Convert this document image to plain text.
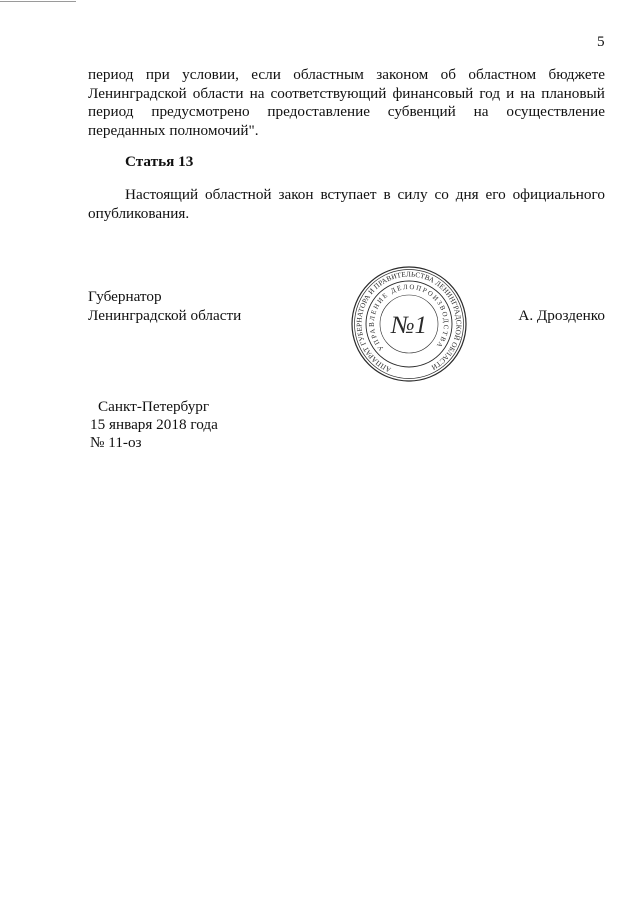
5
период при условии, если областным законом об областном бюджете
Ленинградской области на соответствующий финансовый год и на плановый
период предусмотрено предоставление субвенций на осуществление
переданных полномочий".
Статья 13
Настоящий областной закон вступает в силу со дня его официального
опубликования.
Губернатор
Ленинградской области	А. Дрозденко
АППАРАТ ГУБЕРНАТОРА И ПРАВИТЕЛЬСТВА ЛЕНИНГРАДСКОЙ ОБЛАСТИ
УПРАВЛЕНИЕ ДЕЛОПРОИЗВОДСТВА
№1
Санкт-Петербург
15 января 2018 года
№ 11-оз
